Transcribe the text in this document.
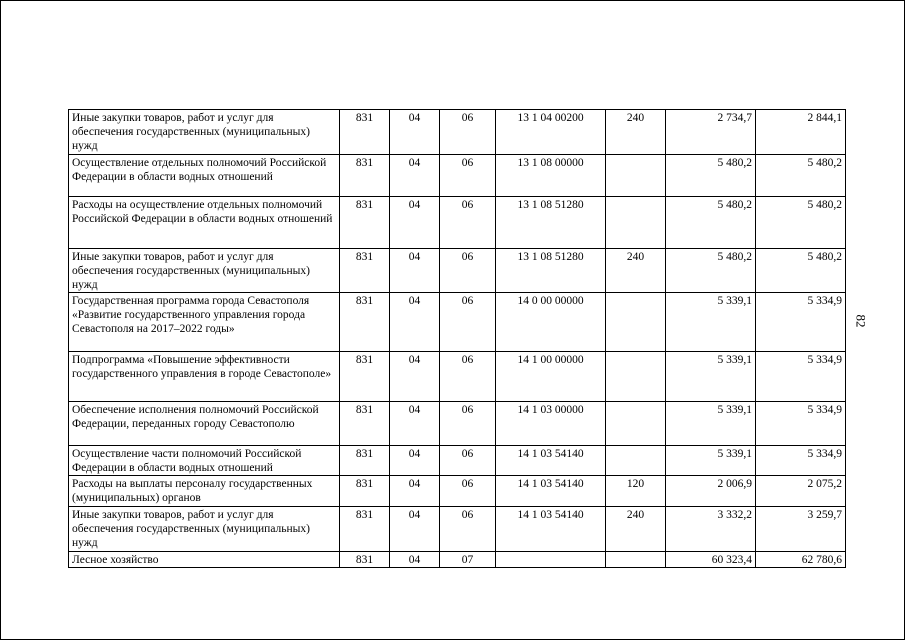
Иные закупки товаров, работ и услуг для обеспечения государственных (муниципальных) нужд	831	04	06	13 1 04 00200	240	2 734,7	2 844,1
Осуществление отдельных полномочий Российской Федерации в области водных отношений	831	04	06	13 1 08 00000		5 480,2	5 480,2
Расходы на осуществление отдельных полномочий Российской Федерации в области водных отношений	831	04	06	13 1 08 51280		5 480,2	5 480,2
Иные закупки товаров, работ и услуг для обеспечения государственных (муниципальных) нужд	831	04	06	13 1 08 51280	240	5 480,2	5 480,2
Государственная программа города Севастополя «Развитие государственного управления города Севастополя на 2017–2022 годы»	831	04	06	14 0 00 00000		5 339,1	5 334,9
Подпрограмма «Повышение эффективности государственного управления в городе Севастополе»	831	04	06	14 1 00 00000		5 339,1	5 334,9
Обеспечение исполнения полномочий Российской Федерации, переданных городу Севастополю	831	04	06	14 1 03 00000		5 339,1	5 334,9
Осуществление части полномочий Российской Федерации в области водных отношений	831	04	06	14 1 03 54140		5 339,1	5 334,9
Расходы на выплаты персоналу государственных (муниципальных) органов	831	04	06	14 1 03 54140	120	2 006,9	2 075,2
Иные закупки товаров, работ и услуг для обеспечения государственных (муниципальных) нужд	831	04	06	14 1 03 54140	240	3 332,2	3 259,7
Лесное хозяйство	831	04	07			60 323,4	62 780,6
82
